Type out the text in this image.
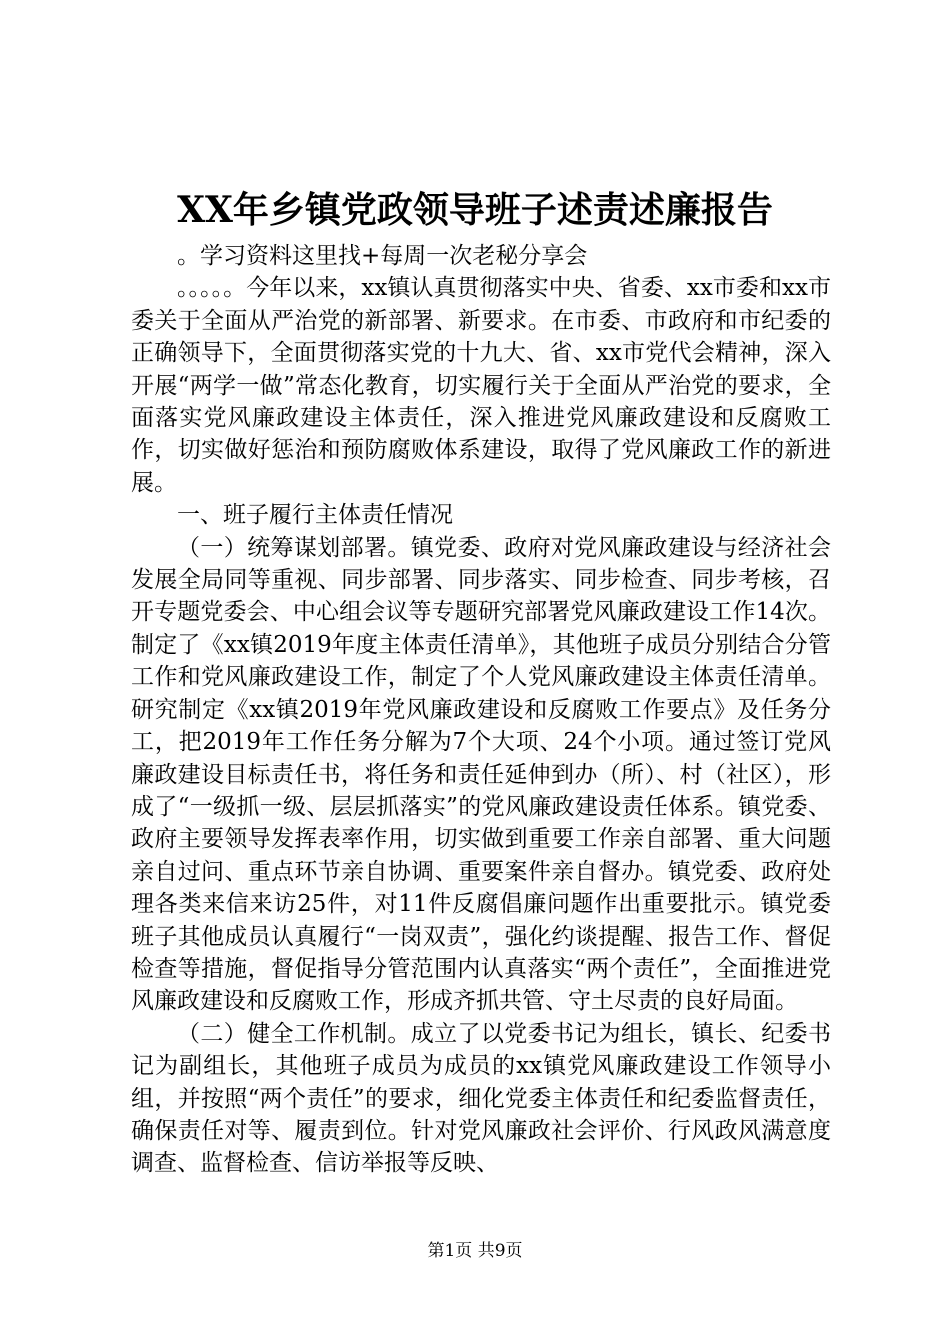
XX年乡镇党政领导班子述责述廉报告

。学习资料这里找+每周一次老秘分享会

。。。。。今年以来，xx镇认真贯彻落实中央、省委、xx市委和xx市委关于全面从严治党的新部署、新要求。在市委、市政府和市纪委的正确领导下，全面贯彻落实党的十九大、省、xx市党代会精神，深入开展“两学一做”常态化教育，切实履行关于全面从严治党的要求，全面落实党风廉政建设主体责任，深入推进党风廉政建设和反腐败工作，切实做好惩治和预防腐败体系建设，取得了党风廉政工作的新进展。

一、班子履行主体责任情况

（一）统筹谋划部署。镇党委、政府对党风廉政建设与经济社会发展全局同等重视、同步部署、同步落实、同步检查、同步考核，召开专题党委会、中心组会议等专题研究部署党风廉政建设工作14次。制定了《xx镇2019年度主体责任清单》，其他班子成员分别结合分管工作和党风廉政建设工作，制定了个人党风廉政建设主体责任清单。研究制定《xx镇2019年党风廉政建设和反腐败工作要点》及任务分工，把2019年工作任务分解为7个大项、24个小项。通过签订党风廉政建设目标责任书，将任务和责任延伸到办（所）、村（社区），形成了“一级抓一级、层层抓落实”的党风廉政建设责任体系。镇党委、政府主要领导发挥表率作用，切实做到重要工作亲自部署、重大问题亲自过问、重点环节亲自协调、重要案件亲自督办。镇党委、政府处理各类来信来访25件，对11件反腐倡廉问题作出重要批示。镇党委班子其他成员认真履行“一岗双责”，强化约谈提醒、报告工作、督促检查等措施，督促指导分管范围内认真落实“两个责任”，全面推进党风廉政建设和反腐败工作，形成齐抓共管、守土尽责的良好局面。

（二）健全工作机制。成立了以党委书记为组长，镇长、纪委书记为副组长，其他班子成员为成员的xx镇党风廉政建设工作领导小组，并按照“两个责任”的要求，细化党委主体责任和纪委监督责任，确保责任对等、履责到位。针对党风廉政社会评价、行风政风满意度调查、监督检查、信访举报等反映、

第1页 共9页
